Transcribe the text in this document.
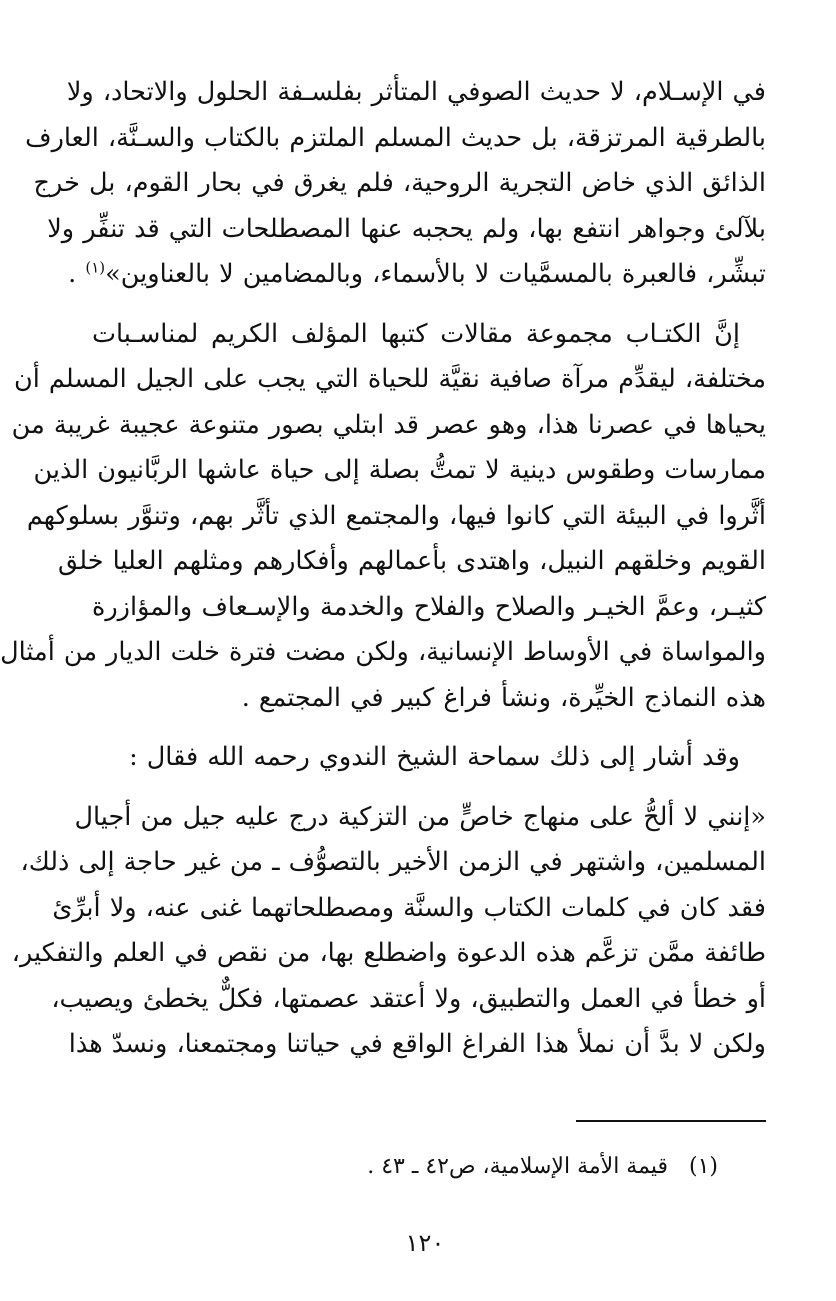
في الإسـلام، لا حديث الصوفي المتأثر بفلسـفة الحلول والاتحاد، ولا
بالطرقية المرتزقة، بل حديث المسلم الملتزم بالكتاب والسـنَّة، العارف
الذائق الذي خاض التجرية الروحية، فلم يغرق في بحار القوم، بل خرج
بلآلئ وجواهر انتفع بها، ولم يحجبه عنها المصطلحات التي قد تنفِّر ولا
تبشِّر، فالعبرة بالمسمَّيات لا بالأسماء، وبالمضامين لا بالعناوين»$^{(١)}$ .

إنَّ الكتـاب مجموعة مقالات كتبها المؤلف الكريم لمناسـبات
مختلفة، ليقدِّم مرآة صافية نقيَّة للحياة التي يجب على الجيل المسلم أن
يحياها في عصرنا هذا، وهو عصر قد ابتلي بصور متنوعة عجيبة غريبة من
ممارسات وطقوس دينية لا تمتُّ بصلة إلى حياة عاشها الربَّانيون الذين
أثَّروا في البيئة التي كانوا فيها، والمجتمع الذي تأثَّر بهم، وتنوَّر بسلوكهم
القويم وخلقهم النبيل، واهتدى بأعمالهم وأفكارهم ومثلهم العليا خلق
كثيـر، وعمَّ الخيـر والصلاح والفلاح والخدمة والإسـعاف والمؤازرة
والمواساة في الأوساط الإنسانية، ولكن مضت فترة خلت الديار من أمثال
هذه النماذج الخيِّرة، ونشأ فراغ كبير في المجتمع .

وقد أشار إلى ذلك سماحة الشيخ الندوي رحمه الله فقال :

«إنني لا ألحُّ على منهاج خاصٍّ من التزكية درج عليه جيل من أجيال
المسلمين، واشتهر في الزمن الأخير بالتصوُّف ـ من غير حاجة إلى ذلك،
فقد كان في كلمات الكتاب والسنَّة ومصطلحاتهما غنى عنه، ولا أبرِّئ
طائفة ممَّن تزعَّم هذه الدعوة واضطلع بها، من نقص في العلم والتفكير،
أو خطأ في العمل والتطبيق، ولا أعتقد عصمتها، فكلٌّ يخطئ ويصيب،
ولكن لا بدَّ أن نملأ هذا الفراغ الواقع في حياتنا ومجتمعنا، ونسدّ هذا

(١) قيمة الأمة الإسلامية، ص٤٢ ـ ٤٣ .
١٢٠
